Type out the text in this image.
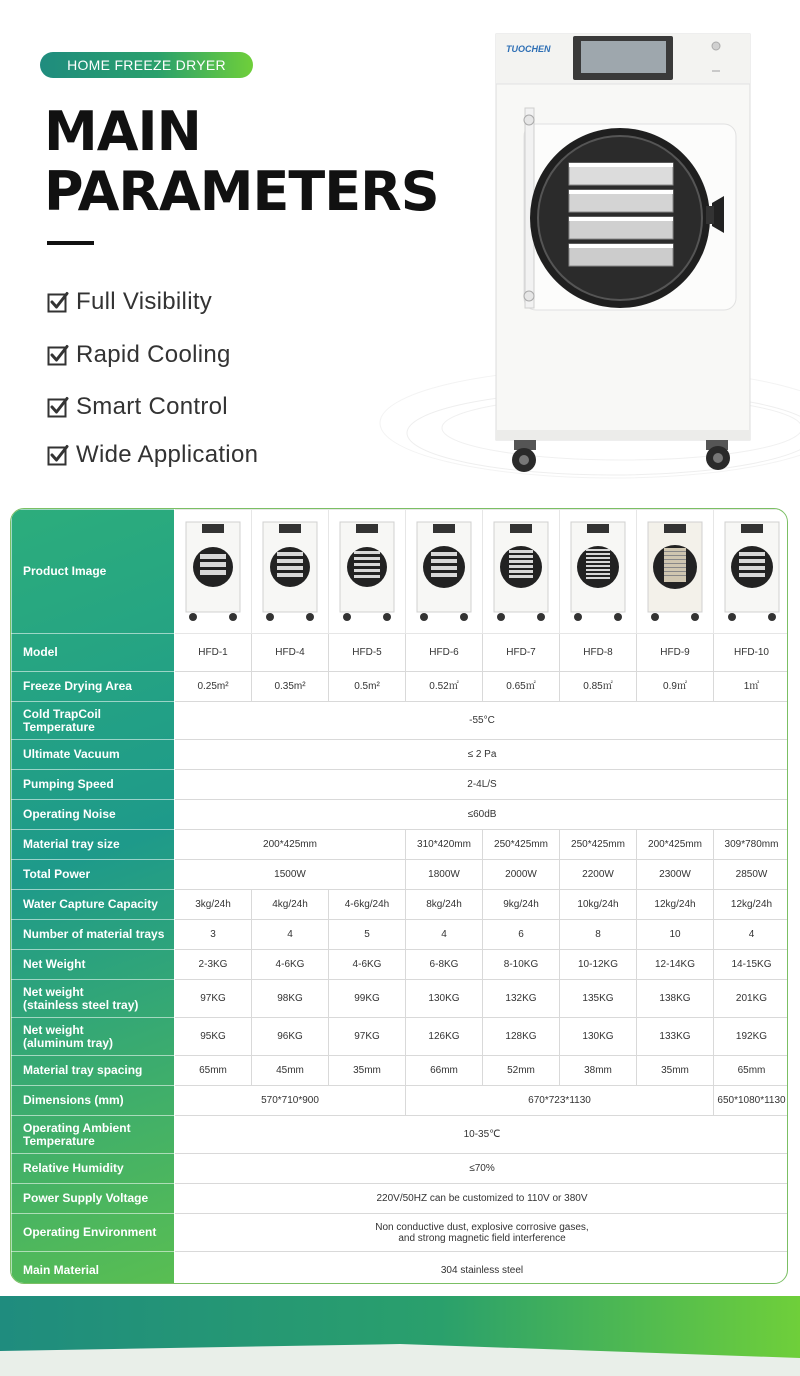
HOME FREEZE DRYER
MAIN
PARAMETERS
Full Visibility
Rapid Cooling
Smart Control
Wide Application
TUOCHEN
Product Image	

Model	HFD-1	HFD-4	HFD-5	HFD-6	HFD-7	HFD-8	HFD-9	HFD-10
Freeze Drying Area	0.25m²	0.35m²	0.5m²	0.52㎡	0.65㎡	0.85㎡	0.9㎡	1㎡
Cold TrapCoil
Temperature	-55°C							
Ultimate Vacuum	≤ 2 Pa							
Pumping Speed	2-4L/S							
Operating Noise	≤60dB							
Material tray size	200*425mm			310*420mm	250*425mm	250*425mm	200*425mm	309*780mm
Total Power	1500W			1800W	2000W	2200W	2300W	2850W
Water Capture Capacity	3kg/24h	4kg/24h	4-6kg/24h	8kg/24h	9kg/24h	10kg/24h	12kg/24h	12kg/24h
Number of material trays	3	4	5	4	6	8	10	4
Net Weight	2-3KG	4-6KG	4-6KG	6-8KG	8-10KG	10-12KG	12-14KG	14-15KG
Net weight
(stainless steel tray)	97KG	98KG	99KG	130KG	132KG	135KG	138KG	201KG
Net weight
(aluminum tray)	95KG	96KG	97KG	126KG	128KG	130KG	133KG	192KG
Material tray spacing	65mm	45mm	35mm	66mm	52mm	38mm	35mm	65mm
Dimensions (mm)	570*710*900			670*723*1130				650*1080*1130
Operating Ambient
Temperature	10-35℃							
Relative Humidity	≤70%							
Power Supply Voltage	220V/50HZ can be customized to 110V or 380V							
Operating Environment	Non conductive dust, explosive corrosive gases,
and strong magnetic field interference							
Main Material	304 stainless steel							
